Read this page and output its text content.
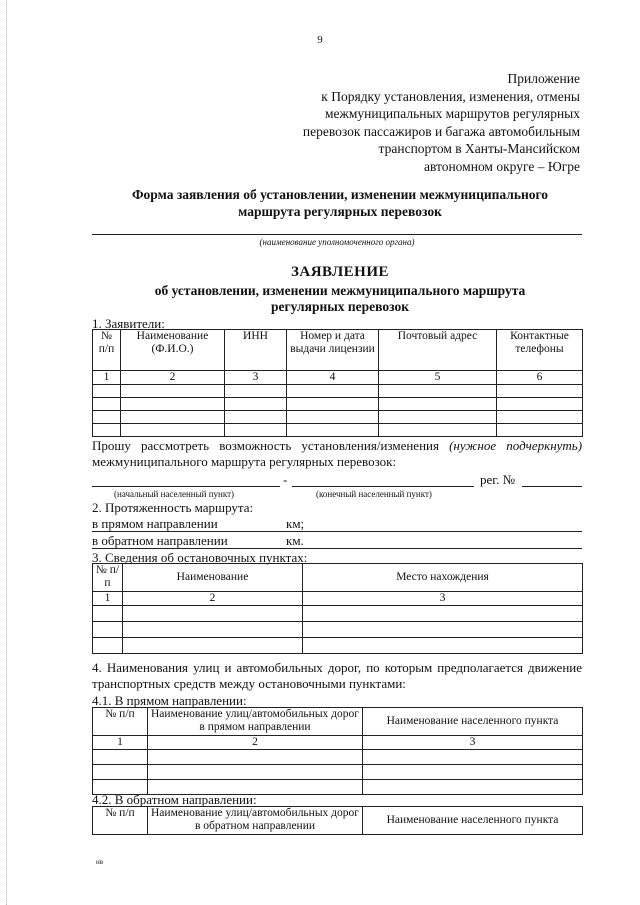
9
Приложение
к Порядку установления, изменения, отмены
межмуниципальных маршрутов регулярных
перевозок пассажиров и багажа автомобильным
транспортом в Ханты-Мансийском
автономном округе – Югре
Форма заявления об установлении, изменении межмуниципального
маршрута регулярных перевозок
(наименование уполномоченного органа)
ЗАЯВЛЕНИЕ
об установлении, изменении межмуниципального маршрута
регулярных перевозок
1. Заявители:
№ п/п	Наименование (Ф.И.О.)	ИНН	Номер и дата выдачи лицензии	Почтовый адрес	Контактные телефоны
1	2	3	4	5	6

Прошу рассмотреть возможность установления/изменения (нужное подчеркнуть)
межмуниципального маршрута регулярных перевозок:
-	рег. №
(начальный населенный пункт)	(конечный населенный пункт)
2. Протяженность маршрута:
в прямом направлении	км;
в обратном направлении	км.
3. Сведения об остановочных пунктах:
№ п/п	Наименование	Место нахождения
1	2	3

4. Наименования улиц и автомобильных дорог, по которым предполагается движение
транспортных средств между остановочными пунктами:
4.1. В прямом направлении:
№ п/п	Наименование улиц/автомобильных дорог в прямом направлении	Наименование населенного пункта
1	2	3

4.2. В обратном направлении:
№ п/п	Наименование улиц/автомобильных дорог в обратном направлении	Наименование населенного пункта
нв
